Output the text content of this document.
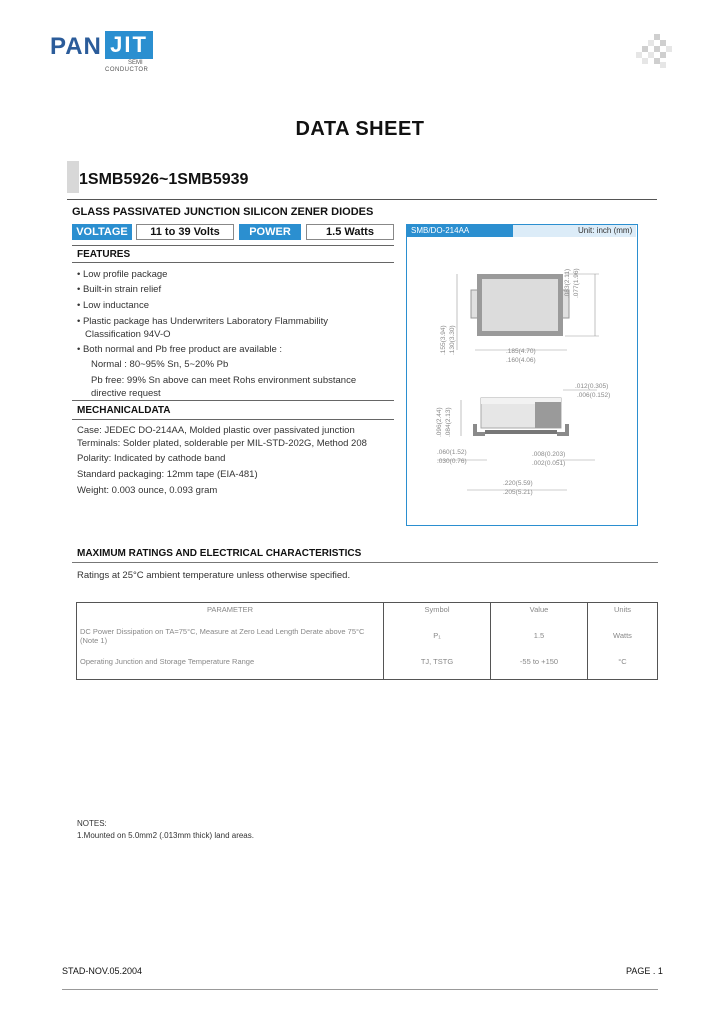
PAN JIT
SEMI
CONDUCTOR
DATA SHEET
1SMB5926~1SMB5939
GLASS PASSIVATED JUNCTION SILICON ZENER DIODES
VOLTAGE	11 to 39 Volts	POWER	1.5 Watts
FEATURES
• Low profile package
• Built-in strain relief
• Low inductance
• Plastic package has Underwriters Laboratory Flammability
Classification 94V-O
• Both normal and Pb free product are available :
Normal : 80~95% Sn, 5~20% Pb
Pb free: 99% Sn above can meet Rohs environment substance
directive request
MECHANICALDATA
Case: JEDEC DO-214AA, Molded plastic over passivated junction
Terminals: Solder plated, solderable per MIL-STD-202G, Method 208
Polarity: Indicated by cathode band
Standard packaging: 12mm tape (EIA-481)
Weight: 0.003 ounce, 0.093 gram
SMB/DO-214AA	Unit: inch (mm)
.185(4.70)
.160(4.06)
.012(0.305)
.006(0.152)
.060(1.52)
.030(0.76)
.008(0.203)
.002(0.051)
.220(5.59)
.205(5.21)
.083(2.11) .077(1.96)
.155(3.94) .130(3.30)
.096(2.44) .084(2.13)
MAXIMUM RATINGS AND ELECTRICAL CHARACTERISTICS
Ratings at 25°C ambient temperature unless otherwise specified.
PARAMETER	Symbol	Value	Units
DC Power Dissipation on TA=75°C, Measure at Zero Lead Length Derate above 75°C (Note 1)	P₁	1.5	Watts
Operating Junction and Storage Temperature Range	TJ, TSTG	-55 to +150	°C
NOTES:
1.Mounted on 5.0mm2 (.013mm thick) land areas.
STAD-NOV.05.2004	PAGE . 1
